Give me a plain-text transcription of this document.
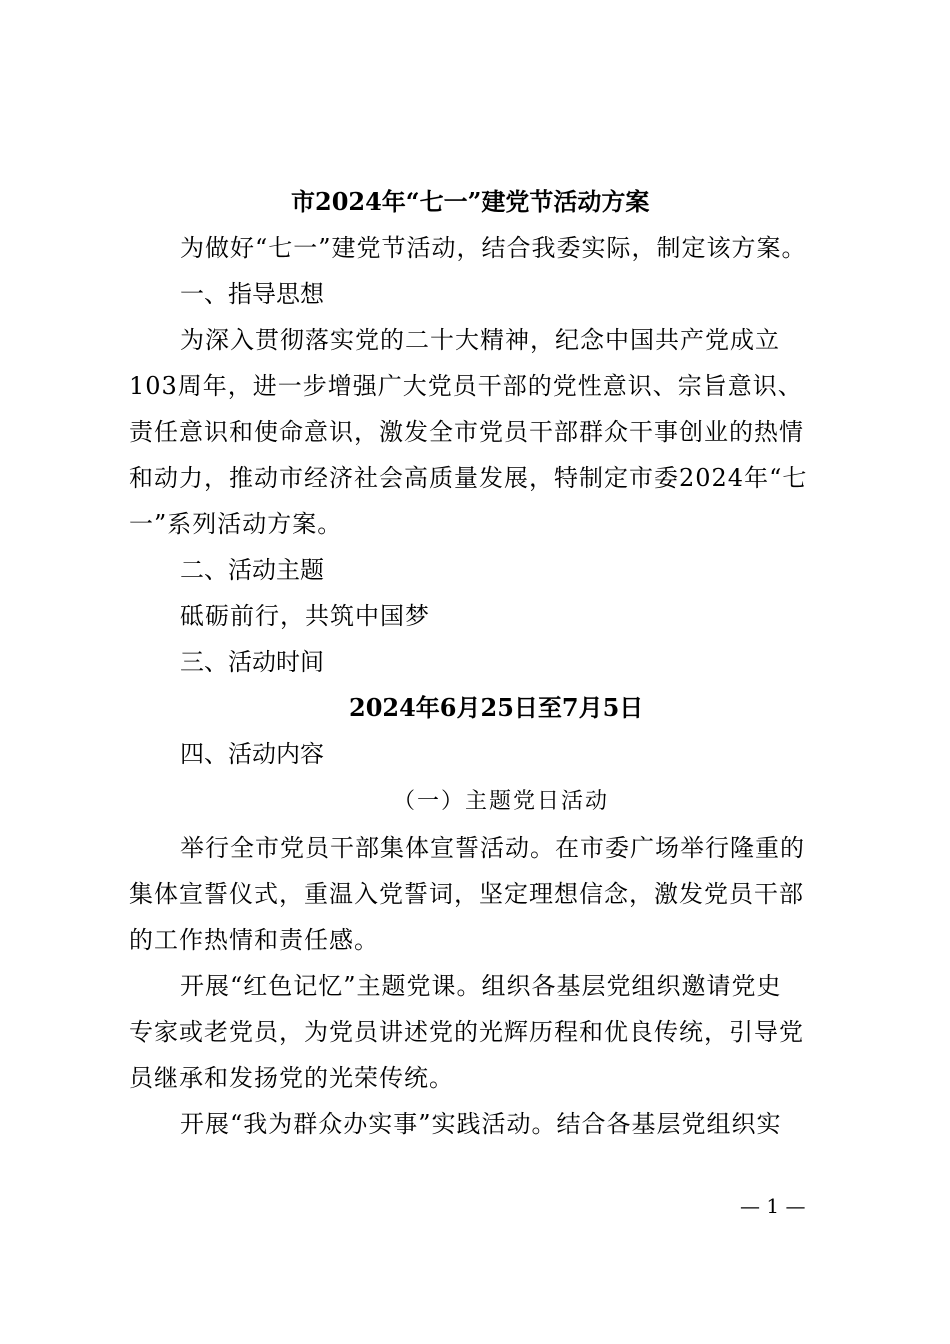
市2024年“七一”建党节活动方案
为做好“七一”建党节活动，结合我委实际，制定该方案。
一、指导思想
为深入贯彻落实党的二十大精神，纪念中国共产党成立
103周年，进一步增强广大党员干部的党性意识、宗旨意识、
责任意识和使命意识，激发全市党员干部群众干事创业的热情
和动力，推动市经济社会高质量发展，特制定市委2024年“七
一”系列活动方案。
二、活动主题
砥砺前行，共筑中国梦
三、活动时间
2024年6月25日至7月5日
四、活动内容
（一）主题党日活动
举行全市党员干部集体宣誓活动。在市委广场举行隆重的
集体宣誓仪式，重温入党誓词，坚定理想信念，激发党员干部
的工作热情和责任感。
开展“红色记忆”主题党课。组织各基层党组织邀请党史
专家或老党员，为党员讲述党的光辉历程和优良传统，引导党
员继承和发扬党的光荣传统。
开展“我为群众办实事”实践活动。结合各基层党组织实
— 1 —
